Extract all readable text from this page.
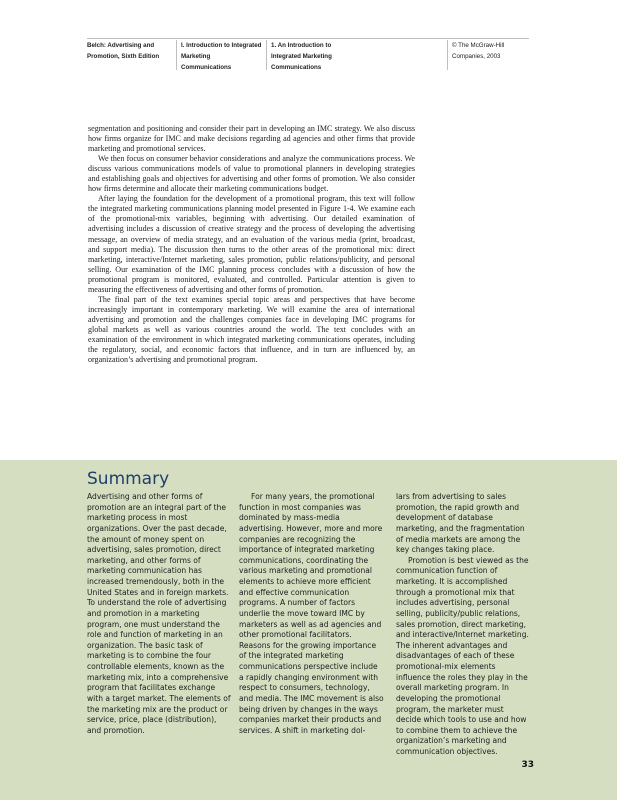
Belch: Advertising and
Promotion, Sixth Edition
I. Introduction to Integrated
Marketing
Communications
1. An Introduction to
Integrated Marketing
Communications
© The McGraw-Hill
Companies, 2003

segmentation and positioning and consider their part in developing an IMC strategy. We also discuss how firms organize for IMC and make decisions regarding ad agencies and other firms that provide marketing and promotional services.

We then focus on consumer behavior considerations and analyze the communications process. We discuss various communications models of value to promotional planners in developing strategies and establishing goals and objectives for advertising and other forms of promotion. We also consider how firms determine and allocate their marketing communications budget.

After laying the foundation for the development of a promotional program, this text will follow the integrated marketing communications planning model presented in Figure 1-4. We examine each of the promotional-mix variables, beginning with advertising. Our detailed examination of advertising includes a discussion of creative strategy and the process of developing the advertising message, an overview of media strategy, and an evaluation of the various media (print, broadcast, and support media). The discussion then turns to the other areas of the promotional mix: direct marketing, interactive/Internet marketing, sales promotion, public relations/publicity, and personal selling. Our examination of the IMC planning process concludes with a discussion of how the promotional program is monitored, evaluated, and controlled. Particular attention is given to measuring the effectiveness of advertising and other forms of promotion.

The final part of the text examines special topic areas and perspectives that have become increasingly important in contemporary marketing. We will examine the area of international advertising and promotion and the challenges companies face in developing IMC programs for global markets as well as various countries around the world. The text concludes with an examination of the environment in which integrated marketing communications operates, including the regulatory, social, and economic factors that influence, and in turn are influenced by, an organization’s advertising and promotional program.

Summary

Advertising and other forms of promotion are an integral part of the marketing process in most organizations. Over the past decade, the amount of money spent on advertising, sales promotion, direct marketing, and other forms of marketing communication has increased tremendously, both in the United States and in foreign markets. To understand the role of advertising and promotion in a marketing program, one must understand the role and function of marketing in an organization. The basic task of marketing is to combine the four controllable elements, known as the marketing mix, into a comprehensive program that facilitates exchange with a target market. The elements of the marketing mix are the product or service, price, place (distribution), and promotion.

For many years, the promotional function in most companies was dominated by mass-media advertising. However, more and more companies are recognizing the importance of integrated marketing communications, coordinating the various marketing and promotional elements to achieve more efficient and effective communication programs. A number of factors underlie the move toward IMC by marketers as well as ad agencies and other promotional facilitators. Reasons for the growing importance of the integrated marketing communications perspective include a rapidly changing environment with respect to consumers, technology, and media. The IMC movement is also being driven by changes in the ways companies market their products and services. A shift in marketing dol-

lars from advertising to sales promotion, the rapid growth and development of database marketing, and the fragmentation of media markets are among the key changes taking place.

Promotion is best viewed as the communication function of marketing. It is accomplished through a promotional mix that includes advertising, personal selling, publicity/public relations, sales promotion, direct marketing, and interactive/Internet marketing. The inherent advantages and disadvantages of each of these promotional-mix elements influence the roles they play in the overall marketing program. In developing the promotional program, the marketer must decide which tools to use and how to combine them to achieve the organization’s marketing and communication objectives.

33
